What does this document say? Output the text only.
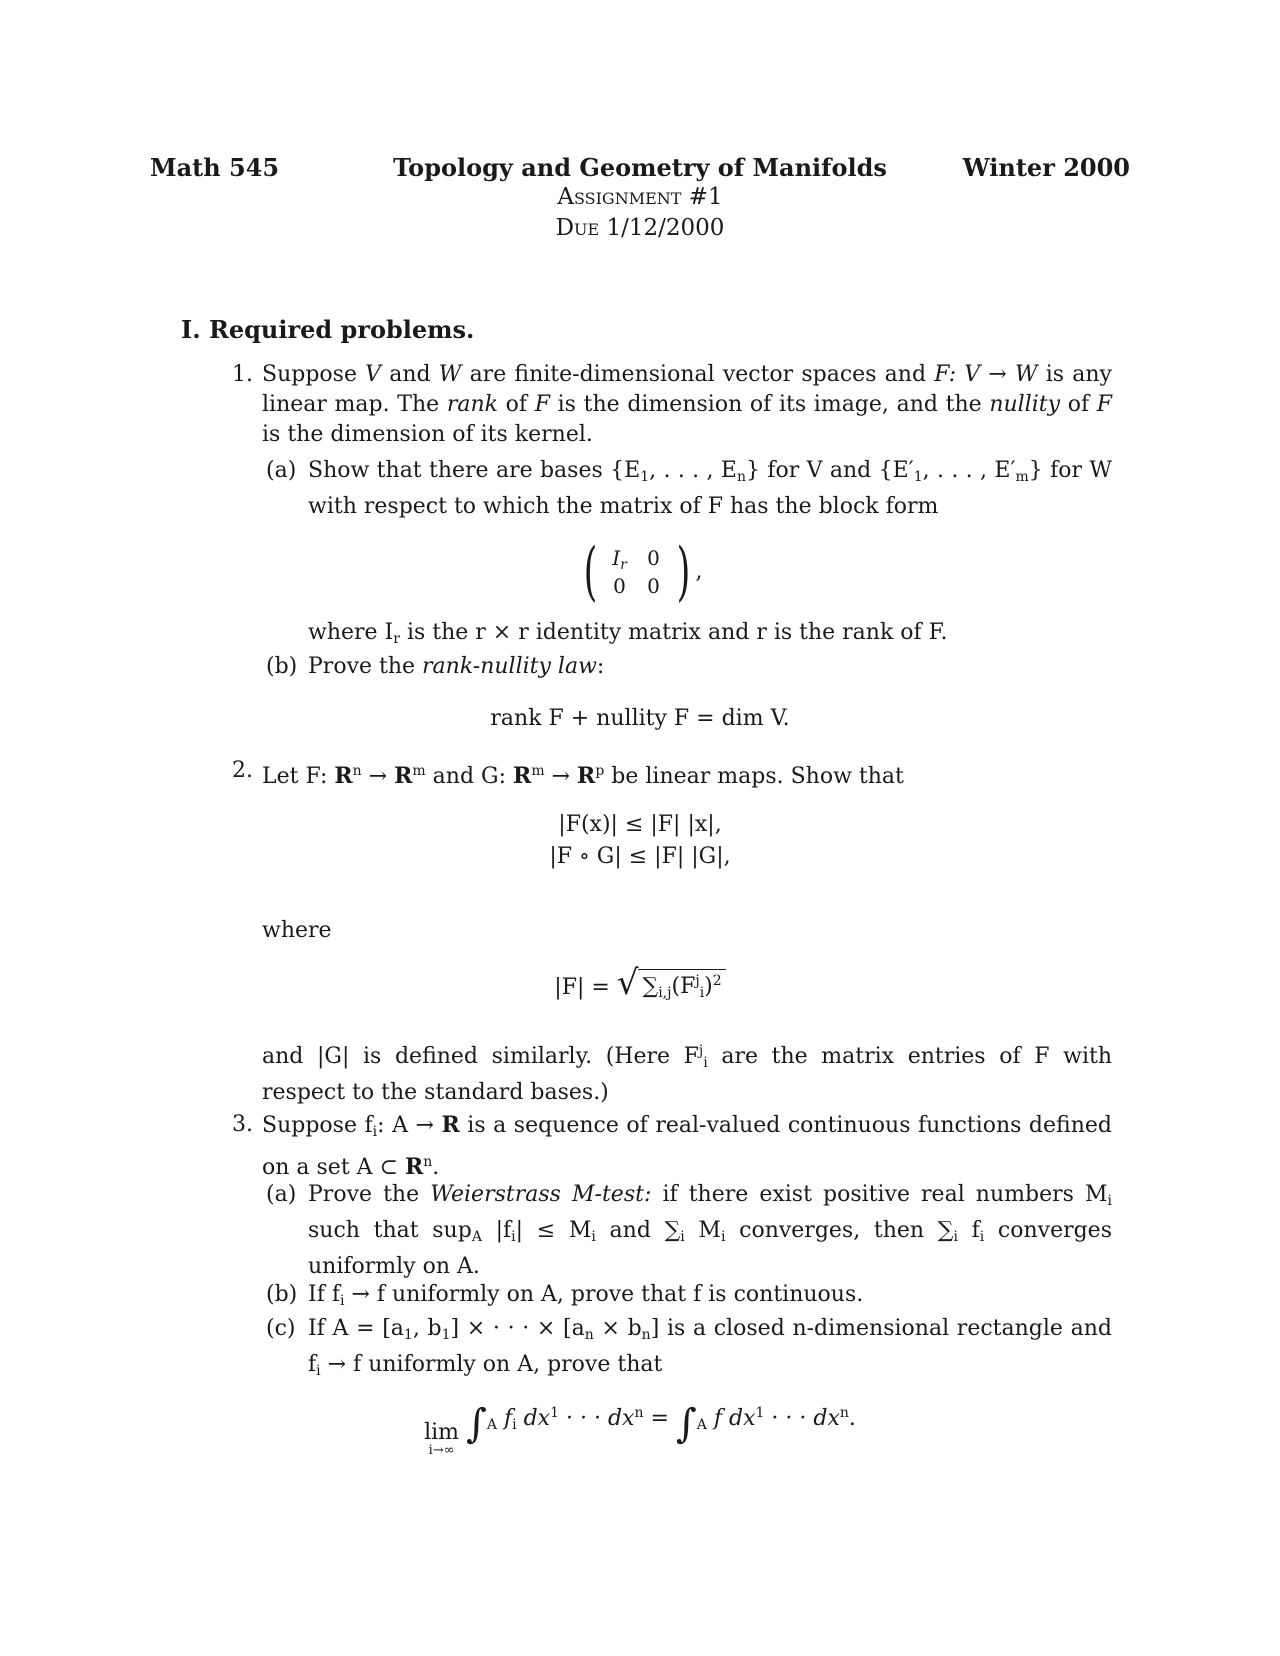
Math 545	Topology and Geometry of Manifolds	Winter 2000
Assignment #1
Due 1/12/2000
I. Required problems.
1. Suppose V and W are finite-dimensional vector spaces and F: V → W is any linear map. The rank of F is the dimension of its image, and the nullity of F is the dimension of its kernel.
(a) Show that there are bases {$E_1$, . . . , $E_n$} for V and {$E'_1$, . . . , $E'_m$} for W with respect to which the matrix of F has the block form
( $I_r$	0
0	0 ) ,
where $I_r$ is the r × r identity matrix and r is the rank of F.
(b) Prove the rank-nullity law:
rank F + nullity F = dim V.
2. Let F: $R^n \to R^m$ and G: $R^m \to R^p$ be linear maps. Show that
|F(x)| ≤ |F| |x|,
|F ∘ G| ≤ |F| |G|,
where
|F| = √ $\sum_{i,j}(F^j_i)^2$
and |G| is defined similarly. (Here $F^j_i$ are the matrix entries of F with respect to the standard bases.)
3. Suppose $f_i$: A → R is a sequence of real-valued continuous functions defined on a set A ⊂ $R^n$.
(a) Prove the Weierstrass M-test: if there exist positive real numbers $M_i$ such that sup$_A$ $|f_i| \le M_i$ and $\sum_i$ $M_i$ converges, then $\sum_i$ $f_i$ converges uniformly on A.
(b) If $f_i \to f$ uniformly on A, prove that f is continuous.
(c) If $A = [a_1$, $b_1$] × · · · × $[a_n \times b_n]$ is a closed n-dimensional rectangle and $f_i \to f$ uniformly on A, prove that
lim
i→∞
$\int_A$ $f_i$ $dx^1$ · · · $dx^n = \int_A$ f $dx^1$ · · · $dx^n$.
